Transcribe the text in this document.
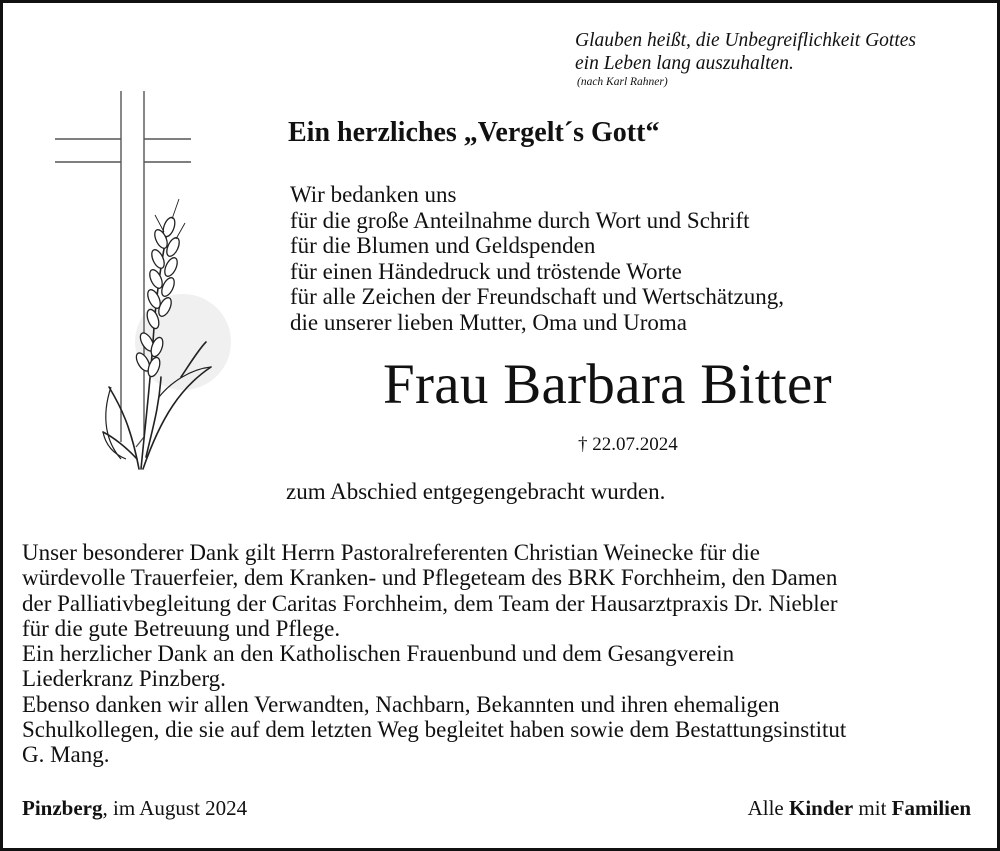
Glauben heißt, die Unbegreiflichkeit Gottes
ein Leben lang auszuhalten.
(nach Karl Rahner)
Ein herzliches „Vergelt´s Gott“
Wir bedanken uns
für die große Anteilnahme durch Wort und Schrift
für die Blumen und Geldspenden
für einen Händedruck und tröstende Worte
für alle Zeichen der Freundschaft und Wertschätzung,
die unserer lieben Mutter, Oma und Uroma
Frau Barbara Bitter
† 22.07.2024
zum Abschied entgegengebracht wurden.
Unser besonderer Dank gilt Herrn Pastoralreferenten Christian Weinecke für die
würdevolle Trauerfeier, dem Kranken- und Pflegeteam des BRK Forchheim, den Damen
der Palliativbegleitung der Caritas Forchheim, dem Team der Hausarztpraxis Dr. Niebler
für die gute Betreuung und Pflege.
Ein herzlicher Dank an den Katholischen Frauenbund und dem Gesangverein
Liederkranz Pinzberg.
Ebenso danken wir allen Verwandten, Nachbarn, Bekannten und ihren ehemaligen
Schulkollegen, die sie auf dem letzten Weg begleitet haben sowie dem Bestattungsinstitut
G. Mang.
Pinzberg, im August 2024	Alle Kinder mit Familien
